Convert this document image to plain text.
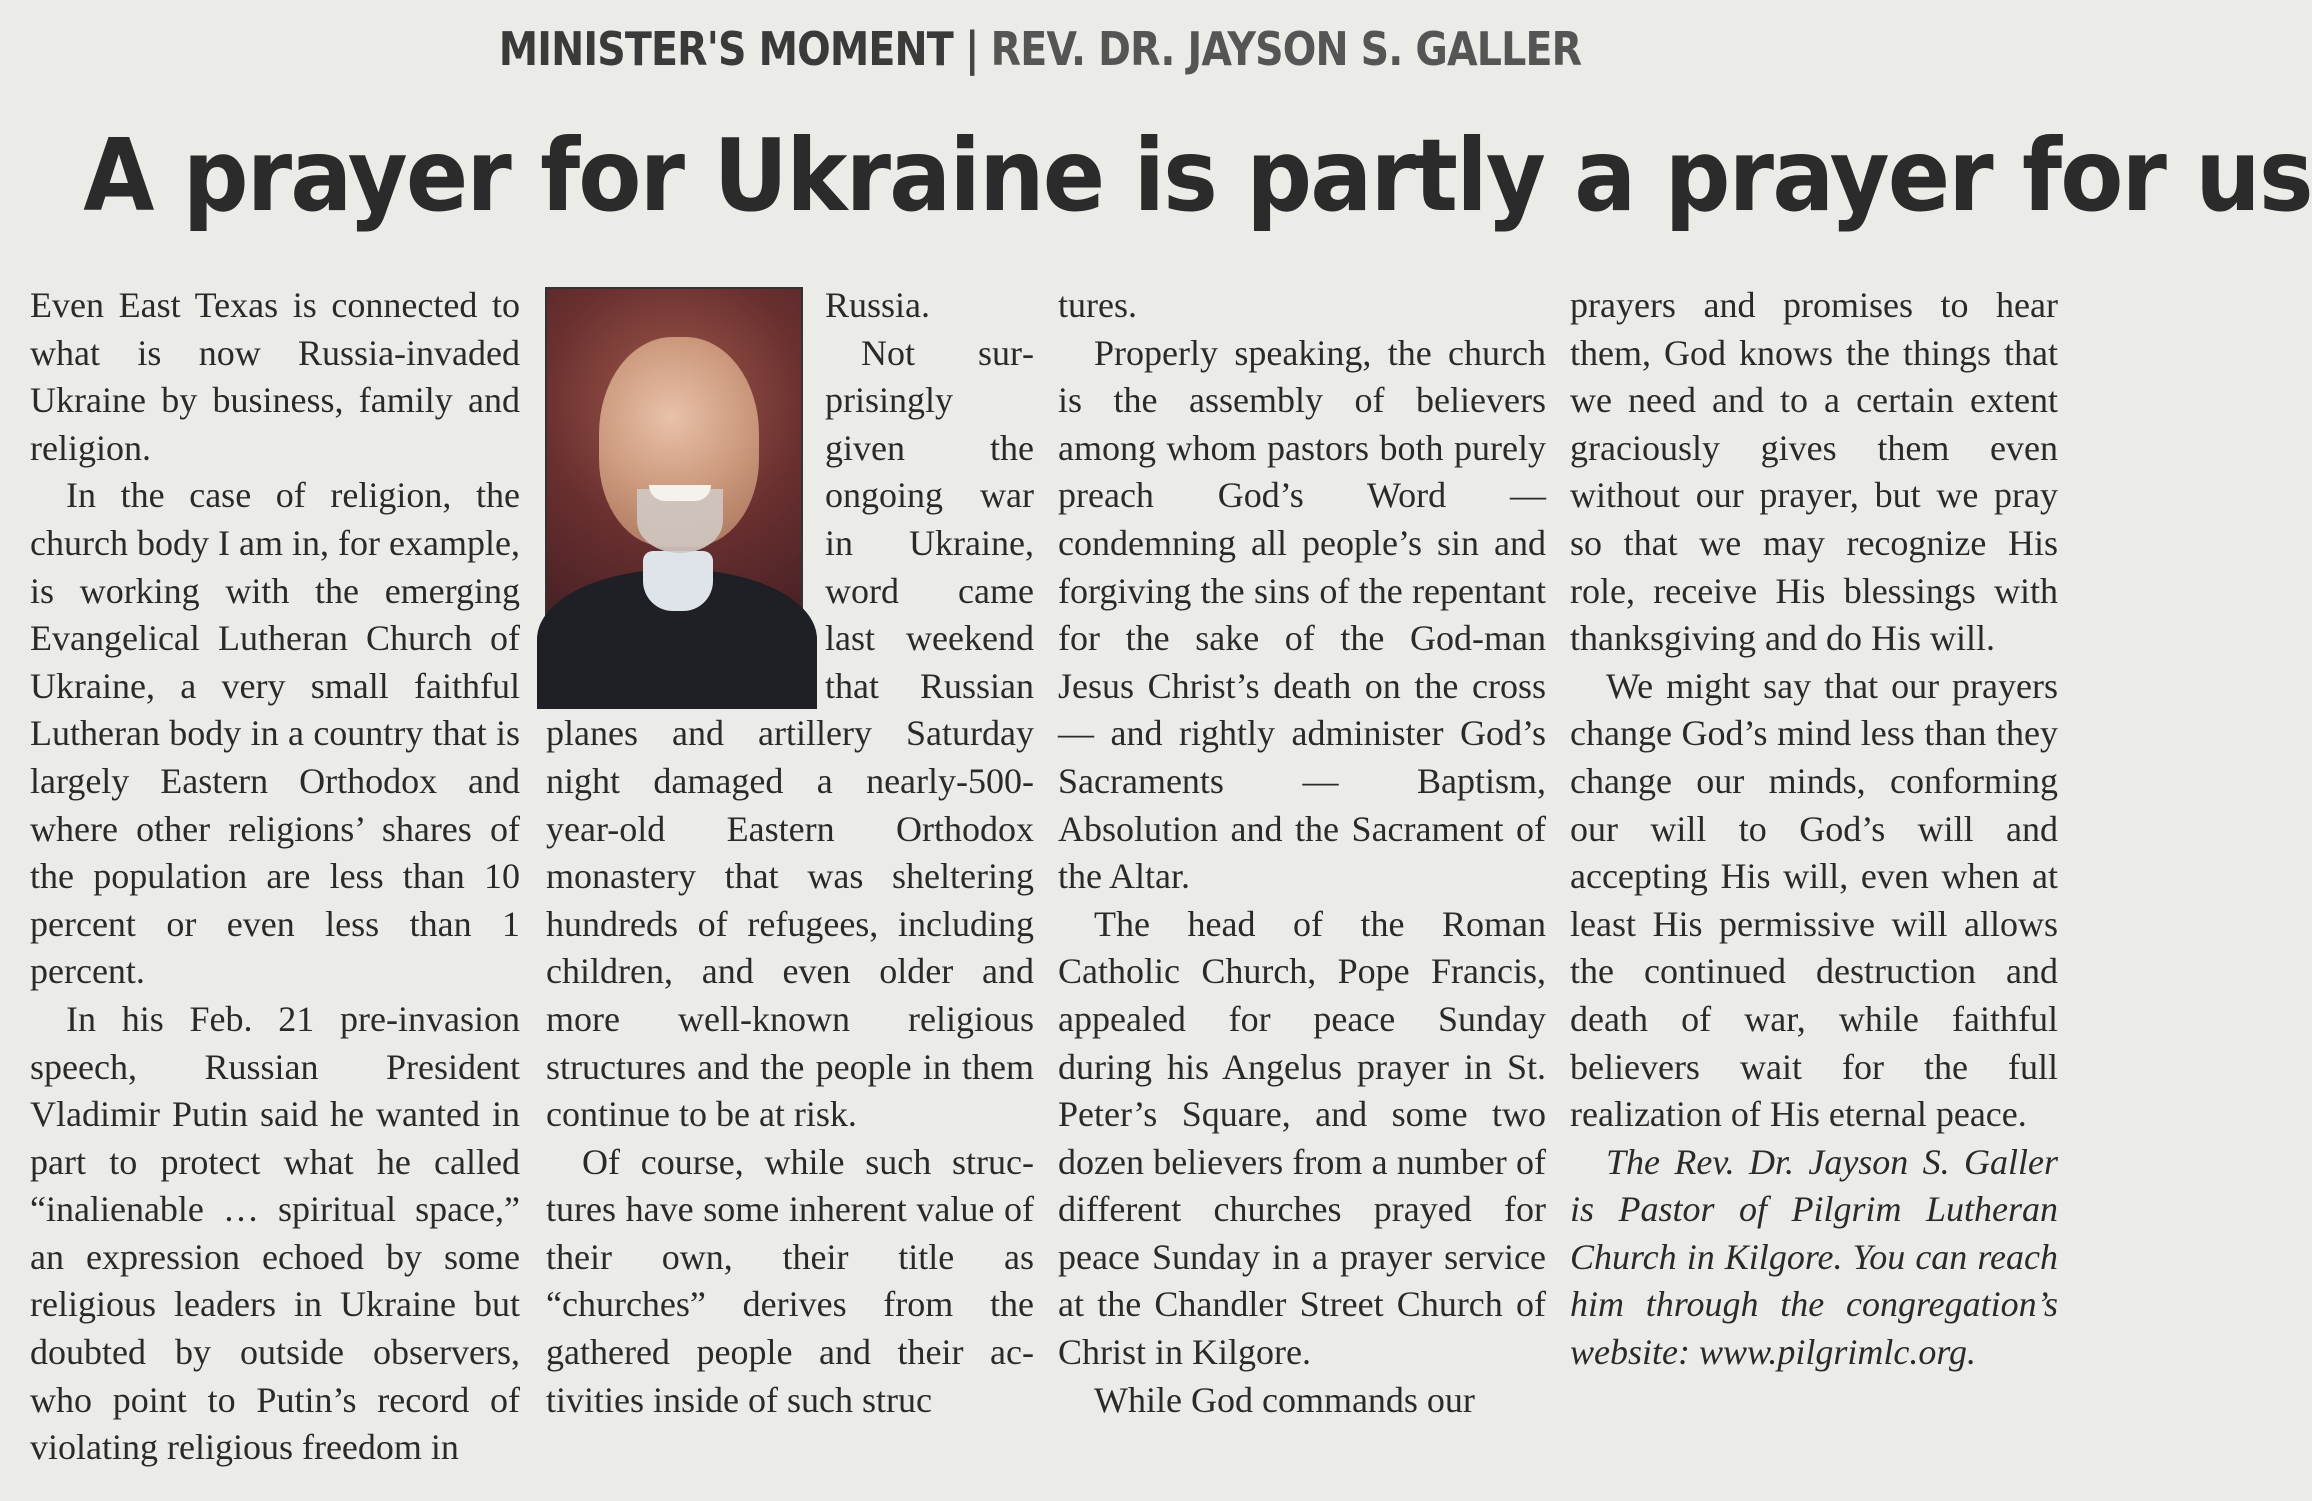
MINISTER'S MOMENT | REV. DR. JAYSON S. GALLER
A prayer for Ukraine is partly a prayer for us

Even East Texas is connected to what is now Russia-invaded Ukraine by business, family and religion.

In the case of religion, the church body I am in, for example, is working with the emerging Evangelical Lutheran Church of Ukraine, a very small faithful Lutheran body in a country that is largely Eastern Orthodox and where other religions’ shares of the population are less than 10 percent or even less than 1 percent.

In his Feb. 21 pre-invasion speech, Russian President Vladimir Putin said he wanted in part to protect what he called “inalienable … spiritual space,” an expression echoed by some religious leaders in Ukraine but doubted by outside observers, who point to Putin’s record of violating religious freedom in

Russia.

Not surprisingly given the ongoing war in Ukraine, word came last weekend that Russian planes and artillery Saturday night damaged a nearly-500-year-old Eastern Orthodox monastery that was sheltering hundreds of refugees, including children, and even older and more well-known religious structures and the people in them continue to be at risk.

Of course, while such structures have some inherent value of their own, their title as “churches” derives from the gathered people and their activities inside of such struc

tures.

Properly speaking, the church is the assembly of believers among whom pastors both purely preach God’s Word — condemning all people’s sin and forgiving the sins of the repentant for the sake of the God-man Jesus Christ’s death on the cross — and rightly administer God’s Sacraments — Baptism, Absolution and the Sacrament of the Altar.

The head of the Roman Catholic Church, Pope Francis, appealed for peace Sunday during his Angelus prayer in St. Peter’s Square, and some two dozen believers from a number of different churches prayed for peace Sunday in a prayer service at the Chandler Street Church of Christ in Kilgore.

While God commands our

prayers and promises to hear them, God knows the things that we need and to a certain extent graciously gives them even without our prayer, but we pray so that we may recognize His role, receive His blessings with thanksgiving and do His will.

We might say that our prayers change God’s mind less than they change our minds, conforming our will to God’s will and accepting His will, even when at least His permissive will allows the continued destruction and death of war, while faithful believers wait for the full realization of His eternal peace.

The Rev. Dr. Jayson S. Galler is Pastor of Pilgrim Lutheran Church in Kilgore. You can reach him through the congregation’s website: www.pilgrimlc.org.
